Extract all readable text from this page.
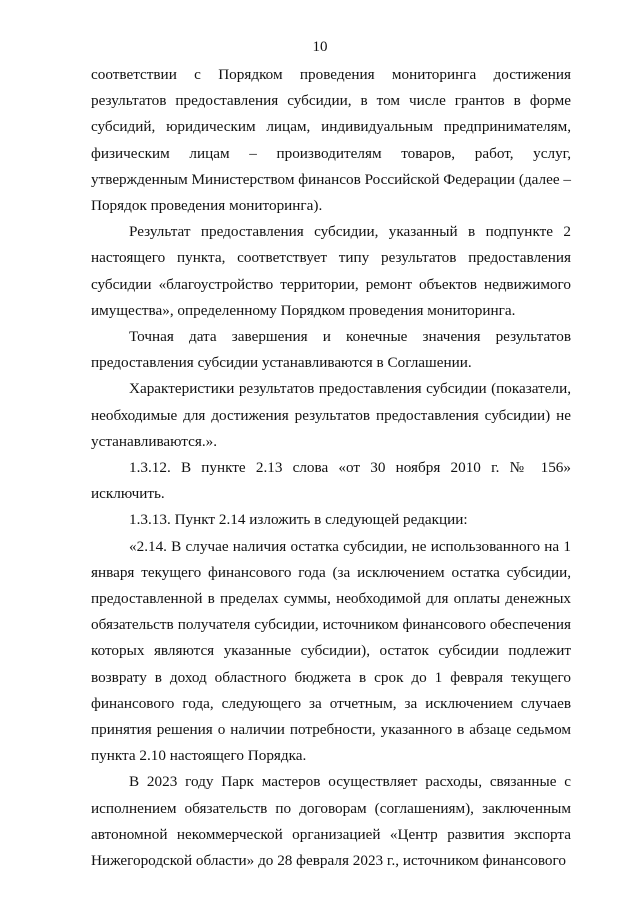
10

соответствии с Порядком проведения мониторинга достижения результатов предоставления субсидии, в том числе грантов в форме субсидий, юридическим лицам, индивидуальным предпринимателям, физическим лицам – производителям товаров, работ, услуг, утвержденным Министерством финансов Российской Федерации (далее – Порядок проведения мониторинга).

Результат предоставления субсидии, указанный в подпункте 2 настоящего пункта, соответствует типу результатов предоставления субсидии «благоустройство территории, ремонт объектов недвижимого имущества», определенному Порядком проведения мониторинга.

Точная дата завершения и конечные значения результатов предоставления субсидии устанавливаются в Соглашении.

Характеристики результатов предоставления субсидии (показатели, необходимые для достижения результатов предоставления субсидии) не устанавливаются.».

1.3.12. В пункте 2.13 слова «от 30 ноября 2010 г. № 156» исключить.

1.3.13. Пункт 2.14 изложить в следующей редакции:

«2.14. В случае наличия остатка субсидии, не использованного на 1 января текущего финансового года (за исключением остатка субсидии, предоставленной в пределах суммы, необходимой для оплаты денежных обязательств получателя субсидии, источником финансового обеспечения которых являются указанные субсидии), остаток субсидии подлежит возврату в доход областного бюджета в срок до 1 февраля текущего финансового года, следующего за отчетным, за исключением случаев принятия решения о наличии потребности, указанного в абзаце седьмом пункта 2.10 настоящего Порядка.

В 2023 году Парк мастеров осуществляет расходы, связанные с исполнением обязательств по договорам (соглашениям), заключенным автономной некоммерческой организацией «Центр развития экспорта Нижегородской области» до 28 февраля 2023 г., источником финансового
